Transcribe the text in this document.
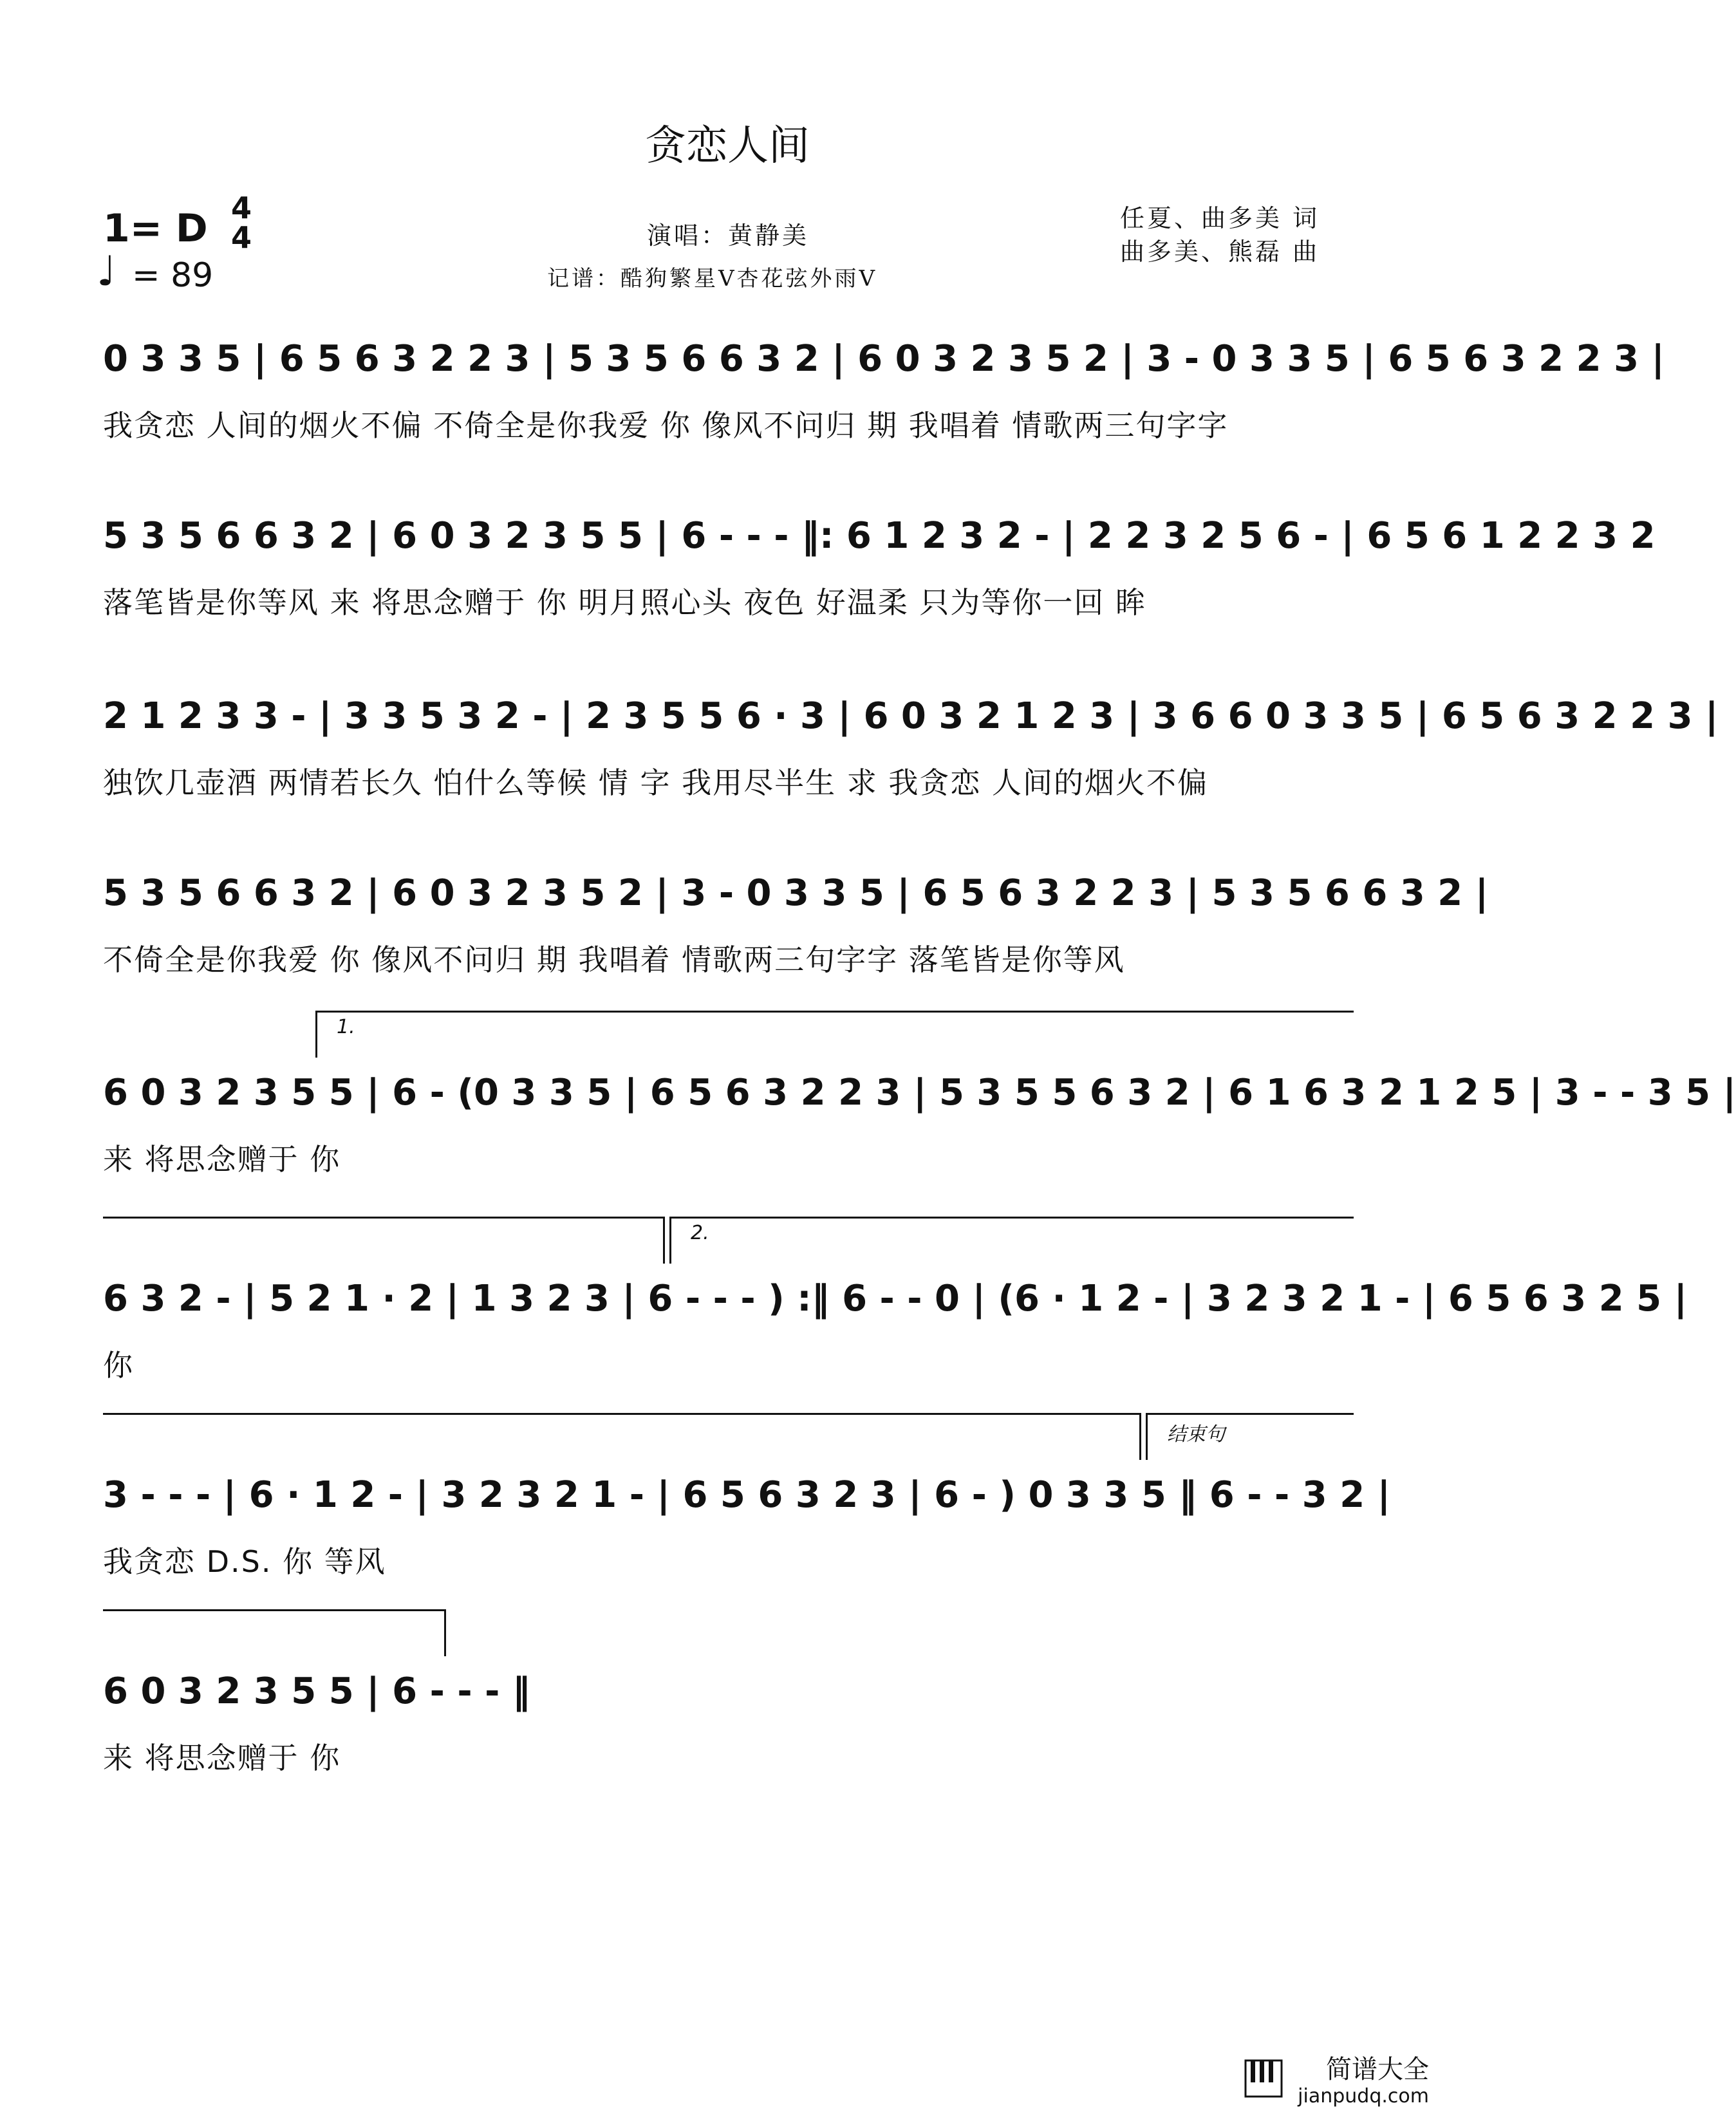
贪恋人间
1= D 4
4
♩ = 89
演唱：黄静美
记谱：酷狗繁星V杏花弦外雨V
任夏、曲多美 词
曲多美、熊磊 曲
0 3 3 5 | 6 5 6 3 2 2 3 | 5 3 5 6 6 3 2 | 6 0 3 2 3 5 2 | 3 - 0 3 3 5 | 6 5 6 3 2 2 3 |
我贪恋 人间的烟火不偏 不倚全是你我爱 你 像风不问归 期 我唱着 情歌两三句字字
5 3 5 6 6 3 2 | 6 0 3 2 3 5 5 | 6 - - - ‖: 6 1 2 3 2 - | 2 2 3 2 5 6 - | 6 5 6 1 2 2 3 2
落笔皆是你等风 来 将思念赠于 你 明月照心头 夜色 好温柔 只为等你一回 眸
2 1 2 3 3 - | 3 3 5 3 2 - | 2 3 5 5 6 · 3 | 6 0 3 2 1 2 3 | 3 6 6 0 3 3 5 | 6 5 6 3 2 2 3 |
独饮几壶酒 两情若长久 怕什么等候 情 字 我用尽半生 求 我贪恋 人间的烟火不偏
5 3 5 6 6 3 2 | 6 0 3 2 3 5 2 | 3 - 0 3 3 5 | 6 5 6 3 2 2 3 | 5 3 5 6 6 3 2 |
不倚全是你我爱 你 像风不问归 期 我唱着 情歌两三句字字 落笔皆是你等风
1.
6 0 3 2 3 5 5 | 6 - (0 3 3 5 | 6 5 6 3 2 2 3 | 5 3 5 5 6 3 2 | 6 1 6 3 2 1 2 5 | 3 - - 3 5 |
来 将思念赠于 你
2.
6 3 2 - | 5 2 1 · 2 | 1 3 2 3 | 6 - - - ) :‖ 6 - - 0 | (6 · 1 2 - | 3 2 3 2 1 - | 6 5 6 3 2 5 |
你
结束句
3 - - - | 6 · 1 2 - | 3 2 3 2 1 - | 6 5 6 3 2 3 | 6 - ) 0 3 3 5 ‖ 6 - - 3 2 |
我贪恋 D.S. 你 等风
6 0 3 2 3 5 5 | 6 - - - ‖
来 将思念赠于 你

简谱大全
jianpudq.com
